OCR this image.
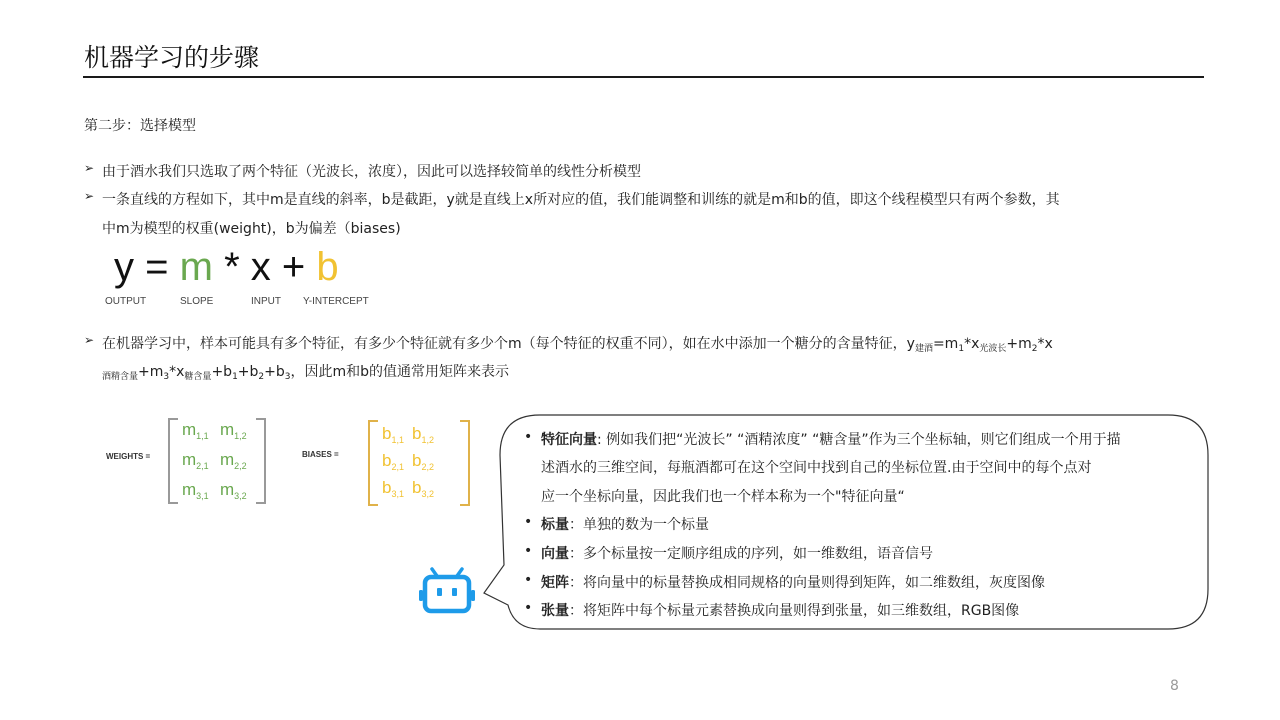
机器学习的步骤
第二步：选择模型
➢ 由于酒水我们只选取了两个特征（光波长，浓度），因此可以选择较简单的线性分析模型
➢ 一条直线的方程如下，其中m是直线的斜率，b是截距，y就是直线上x所对应的值，我们能调整和训练的就是m和b的值，即这个线程模型只有两个参数，其
中m为模型的权重(weight)，b为偏差（biases)
y = m * x + b
OUTPUT	SLOPE	INPUT Y-INTERCEPT
➢ 在机器学习中，样本可能具有多个特征，有多少个特征就有多少个m（每个特征的权重不同），如在水中添加一个糖分的含量特征，$y_{建酒}=m_1*x_{光波长}+m_2*x$
$_{酒精含量}+m_3*x_{糖含量}+b_1+b_2+b_3$，因此m和b的值通常用矩阵来表示
WEIGHTS =
$m_{1,1}$ $m_{1,2}$
$m_{2,1}$ $m_{2,2}$
$m_{3,1}$ $m_{3,2}$
BIASES =
$b_{1,1}$ $b_{1,2}$
$b_{2,1}$ $b_{2,2}$
$b_{3,1}$ $b_{3,2}$
• 特征向量: 例如我们把“光波长” “酒精浓度” “糖含量”作为三个坐标轴，则它们组成一个用于描
述酒水的三维空间，每瓶酒都可在这个空间中找到自己的坐标位置.由于空间中的每个点对
应一个坐标向量，因此我们也一个样本称为一个"特征向量“
• 标量：单独的数为一个标量
• 向量：多个标量按一定顺序组成的序列，如一维数组，语音信号
• 矩阵：将向量中的标量替换成相同规格的向量则得到矩阵，如二维数组，灰度图像
• 张量：将矩阵中每个标量元素替换成向量则得到张量，如三维数组，RGB图像
8
